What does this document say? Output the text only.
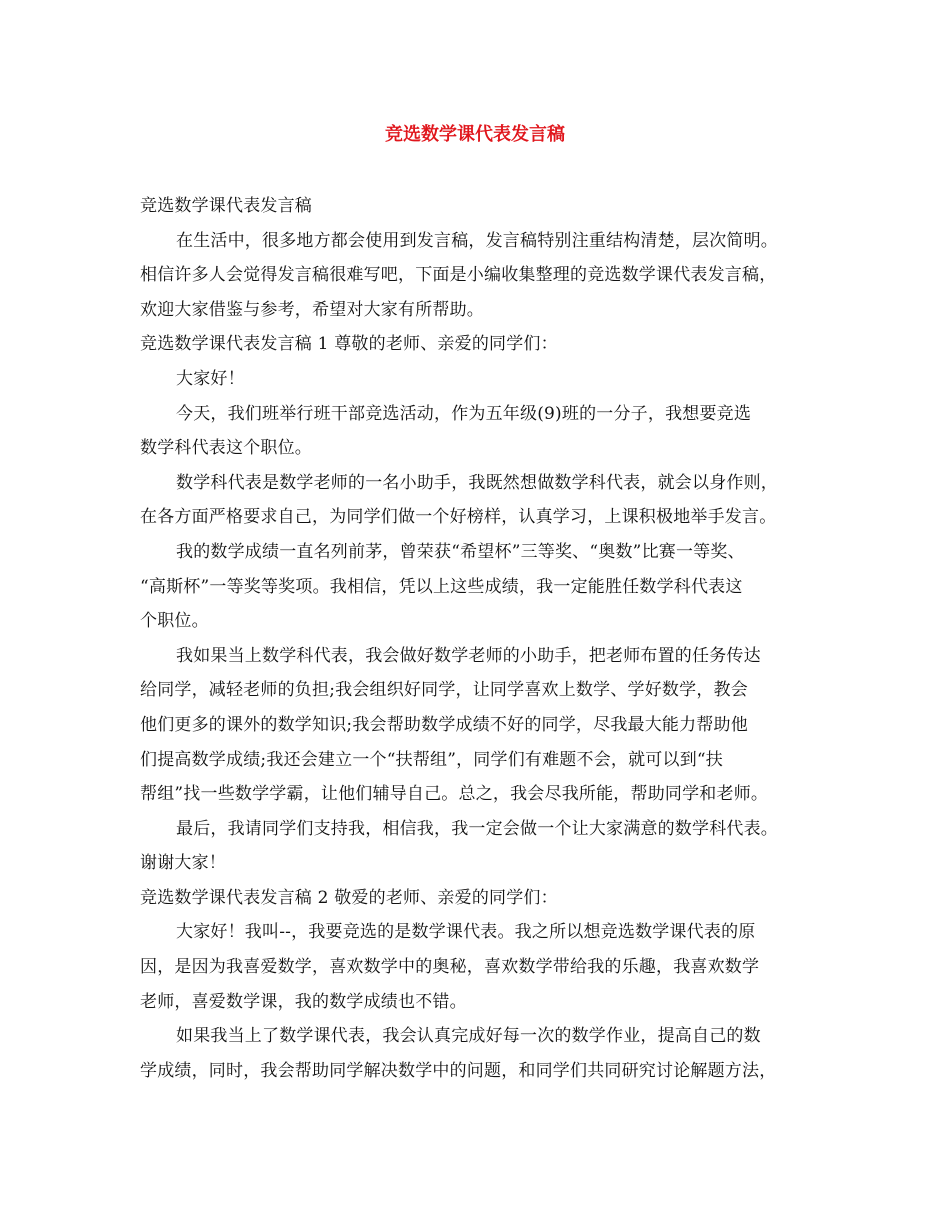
竞选数学课代表发言稿
竞选数学课代表发言稿
在生活中，很多地方都会使用到发言稿，发言稿特别注重结构清楚，层次简明。
相信许多人会觉得发言稿很难写吧，下面是小编收集整理的竞选数学课代表发言稿，
欢迎大家借鉴与参考，希望对大家有所帮助。
竞选数学课代表发言稿 1 尊敬的老师、亲爱的同学们：
大家好！
今天，我们班举行班干部竞选活动，作为五年级(9)班的一分子，我想要竞选
数学科代表这个职位。
数学科代表是数学老师的一名小助手，我既然想做数学科代表，就会以身作则，
在各方面严格要求自己，为同学们做一个好榜样，认真学习，上课积极地举手发言。
我的数学成绩一直名列前茅，曾荣获“希望杯”三等奖、“奥数”比赛一等奖、
“高斯杯”一等奖等奖项。我相信，凭以上这些成绩，我一定能胜任数学科代表这
个职位。
我如果当上数学科代表，我会做好数学老师的小助手，把老师布置的任务传达
给同学，减轻老师的负担;我会组织好同学，让同学喜欢上数学、学好数学，教会
他们更多的课外的数学知识;我会帮助数学成绩不好的同学，尽我最大能力帮助他
们提高数学成绩;我还会建立一个“扶帮组”，同学们有难题不会，就可以到“扶
帮组”找一些数学学霸，让他们辅导自己。总之，我会尽我所能，帮助同学和老师。
最后，我请同学们支持我，相信我，我一定会做一个让大家满意的数学科代表。
谢谢大家！
竞选数学课代表发言稿 2 敬爱的老师、亲爱的同学们：
大家好！我叫--，我要竞选的是数学课代表。我之所以想竞选数学课代表的原
因，是因为我喜爱数学，喜欢数学中的奥秘，喜欢数学带给我的乐趣，我喜欢数学
老师，喜爱数学课，我的数学成绩也不错。
如果我当上了数学课代表，我会认真完成好每一次的数学作业，提高自己的数
学成绩，同时，我会帮助同学解决数学中的问题，和同学们共同研究讨论解题方法，
